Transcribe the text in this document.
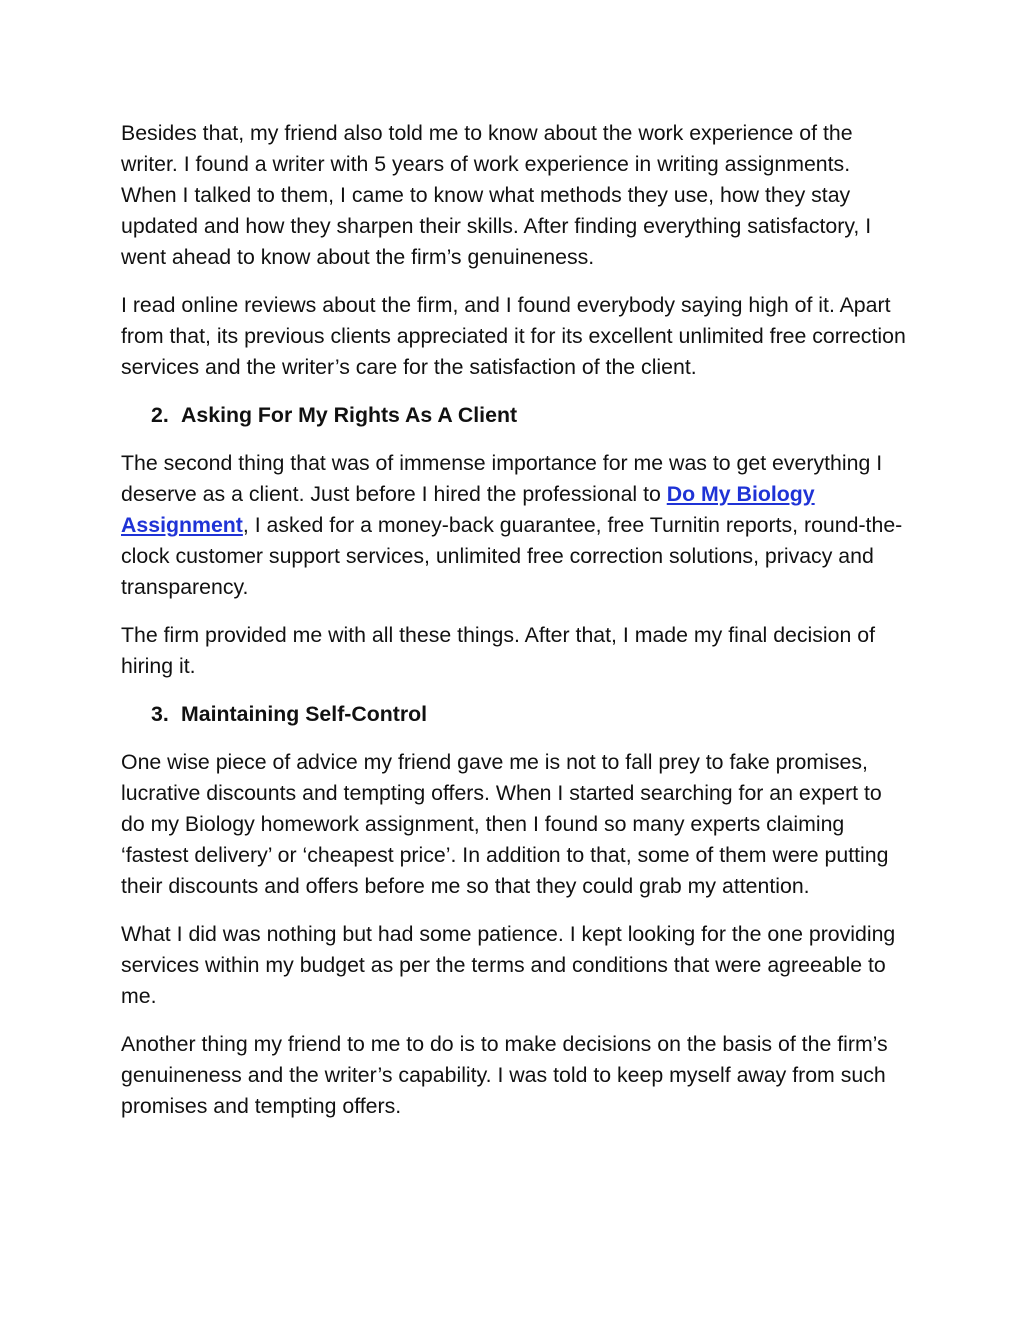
Besides that, my friend also told me to know about the work experience of the writer. I found a writer with 5 years of work experience in writing assignments. When I talked to them, I came to know what methods they use, how they stay updated and how they sharpen their skills. After finding everything satisfactory, I went ahead to know about the firm’s genuineness.

I read online reviews about the firm, and I found everybody saying high of it. Apart from that, its previous clients appreciated it for its excellent unlimited free correction services and the writer’s care for the satisfaction of the client.

2. Asking For My Rights As A Client

The second thing that was of immense importance for me was to get everything I deserve as a client. Just before I hired the professional to Do My Biology Assignment, I asked for a money-back guarantee, free Turnitin reports, round-the-clock customer support services, unlimited free correction solutions, privacy and transparency.

The firm provided me with all these things. After that, I made my final decision of hiring it.

3. Maintaining Self-Control

One wise piece of advice my friend gave me is not to fall prey to fake promises, lucrative discounts and tempting offers. When I started searching for an expert to do my Biology homework assignment, then I found so many experts claiming ‘fastest delivery’ or ‘cheapest price’. In addition to that, some of them were putting their discounts and offers before me so that they could grab my attention.

What I did was nothing but had some patience. I kept looking for the one providing services within my budget as per the terms and conditions that were agreeable to me.

Another thing my friend to me to do is to make decisions on the basis of the firm’s genuineness and the writer’s capability. I was told to keep myself away from such promises and tempting offers.
